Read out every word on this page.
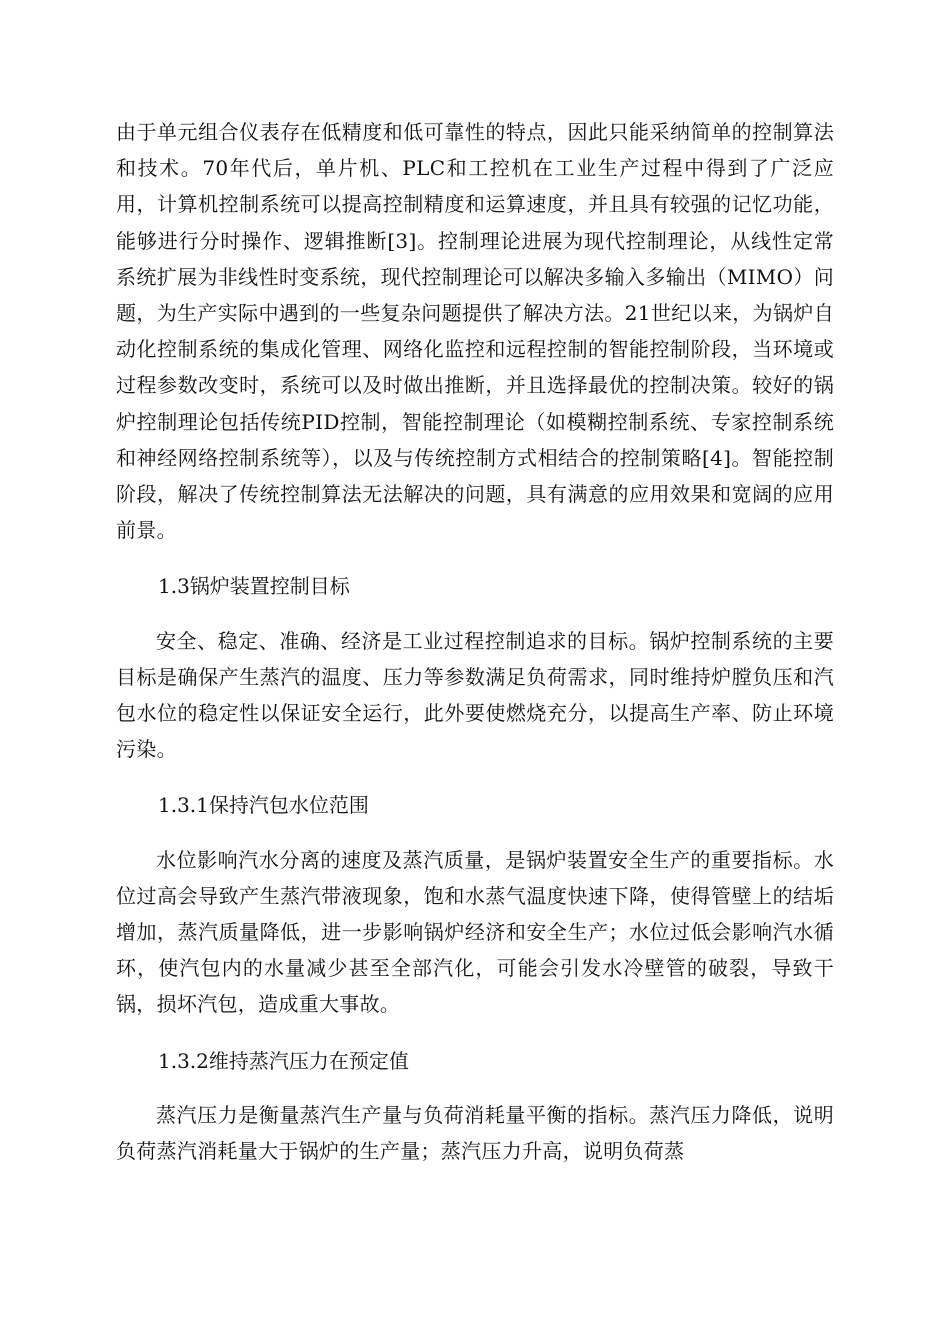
由于单元组合仪表存在低精度和低可靠性的特点，因此只能采纳简单的控制算法和技术。70年代后，单片机、PLC和工控机在工业生产过程中得到了广泛应用，计算机控制系统可以提高控制精度和运算速度，并且具有较强的记忆功能，能够进行分时操作、逻辑推断[3]。控制理论进展为现代控制理论，从线性定常系统扩展为非线性时变系统，现代控制理论可以解决多输入多输出（MIMO）问题，为生产实际中遇到的一些复杂问题提供了解决方法。21世纪以来，为锅炉自动化控制系统的集成化管理、网络化监控和远程控制的智能控制阶段，当环境或过程参数改变时，系统可以及时做出推断，并且选择最优的控制决策。较好的锅炉控制理论包括传统PID控制，智能控制理论（如模糊控制系统、专家控制系统和神经网络控制系统等），以及与传统控制方式相结合的控制策略[4]。智能控制阶段，解决了传统控制算法无法解决的问题，具有满意的应用效果和宽阔的应用前景。

1.3锅炉装置控制目标

安全、稳定、准确、经济是工业过程控制追求的目标。锅炉控制系统的主要目标是确保产生蒸汽的温度、压力等参数满足负荷需求，同时维持炉膛负压和汽包水位的稳定性以保证安全运行，此外要使燃烧充分，以提高生产率、防止环境污染。

1.3.1保持汽包水位范围

水位影响汽水分离的速度及蒸汽质量，是锅炉装置安全生产的重要指标。水位过高会导致产生蒸汽带液现象，饱和水蒸气温度快速下降，使得管壁上的结垢增加，蒸汽质量降低，进一步影响锅炉经济和安全生产；水位过低会影响汽水循环，使汽包内的水量减少甚至全部汽化，可能会引发水冷壁管的破裂，导致干锅，损坏汽包，造成重大事故。

1.3.2维持蒸汽压力在预定值

蒸汽压力是衡量蒸汽生产量与负荷消耗量平衡的指标。蒸汽压力降低，说明负荷蒸汽消耗量大于锅炉的生产量；蒸汽压力升高，说明负荷蒸
